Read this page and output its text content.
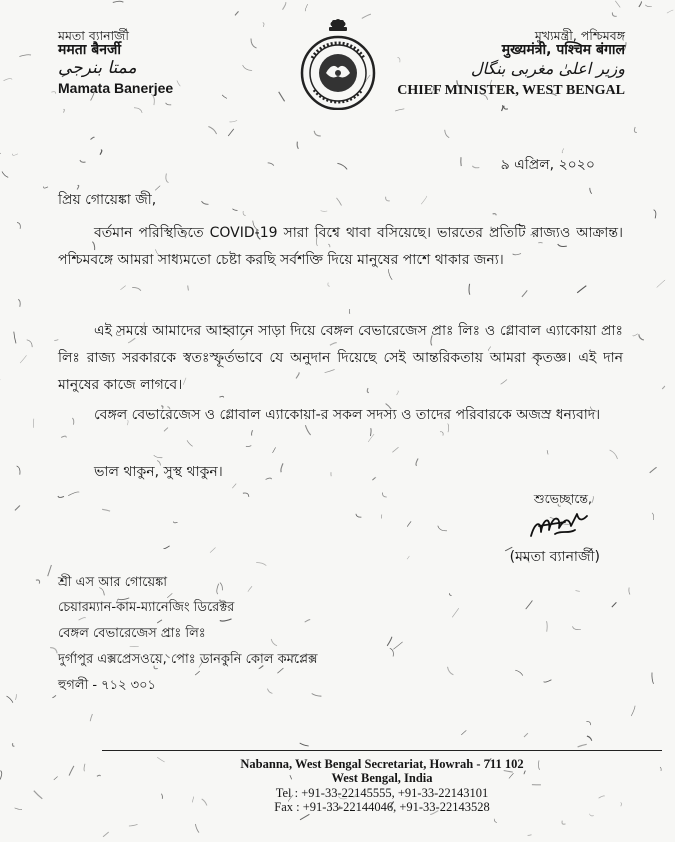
মমতা ব্যানার্জী
ममता बैनर्जी
ممتا بنرجی
Mamata Banerjee
মুখ্যমন্ত্রী, পশ্চিমবঙ্গ
मुख्यमंत्री, पश्चिम बंगाल
وزیر اعلیٰ مغربی بنگال
CHIEF MINISTER, WEST BENGAL
৯ এপ্রিল, ২০২০
প্রিয় গোয়েঙ্কা জী,
বর্তমান পরিস্থিতিতে COVID-19 সারা বিশ্বে থাবা বসিয়েছে। ভারতের প্রতিটি রাজ্যও আক্রান্ত। পশ্চিমবঙ্গে আমরা সাধ্যমতো চেষ্টা করছি সর্বশক্তি দিয়ে মানুষের পাশে থাকার জন্য।
এই সময়ে আমাদের আহ্বানে সাড়া দিয়ে বেঙ্গল বেভারেজেস প্রাঃ লিঃ ও গ্লোবাল এ্যাকোয়া প্রাঃ লিঃ রাজ্য সরকারকে স্বতঃস্ফূর্তভাবে যে অনুদান দিয়েছে সেই আন্তরিকতায় আমরা কৃতজ্ঞ। এই দান মানুষের কাজে লাগবে।
বেঙ্গল বেভারেজেস ও গ্লোবাল এ্যাকোয়া-র সকল সদস্য ও তাদের পরিবারকে অজস্র ধন্যবাদ।
ভাল থাকুন, সুস্থ থাকুন।
শুভেচ্ছান্তে,
(মমতা ব্যানার্জী)
শ্রী এস আর গোয়েঙ্কা
চেয়ারম্যান-কাম-ম্যানেজিং ডিরেক্টর
বেঙ্গল বেভারেজেস প্রাঃ লিঃ
দুর্গাপুর এক্সপ্রেসওয়ে, পোঃ ডানকুনি কোল কমপ্লেক্স
হুগলী - ৭১২ ৩০১
Nabanna, West Bengal Secretariat, Howrah - 711 102
West Bengal, India
Tel : +91-33-22145555, +91-33-22143101
Fax : +91-33-22144046, +91-33-22143528
